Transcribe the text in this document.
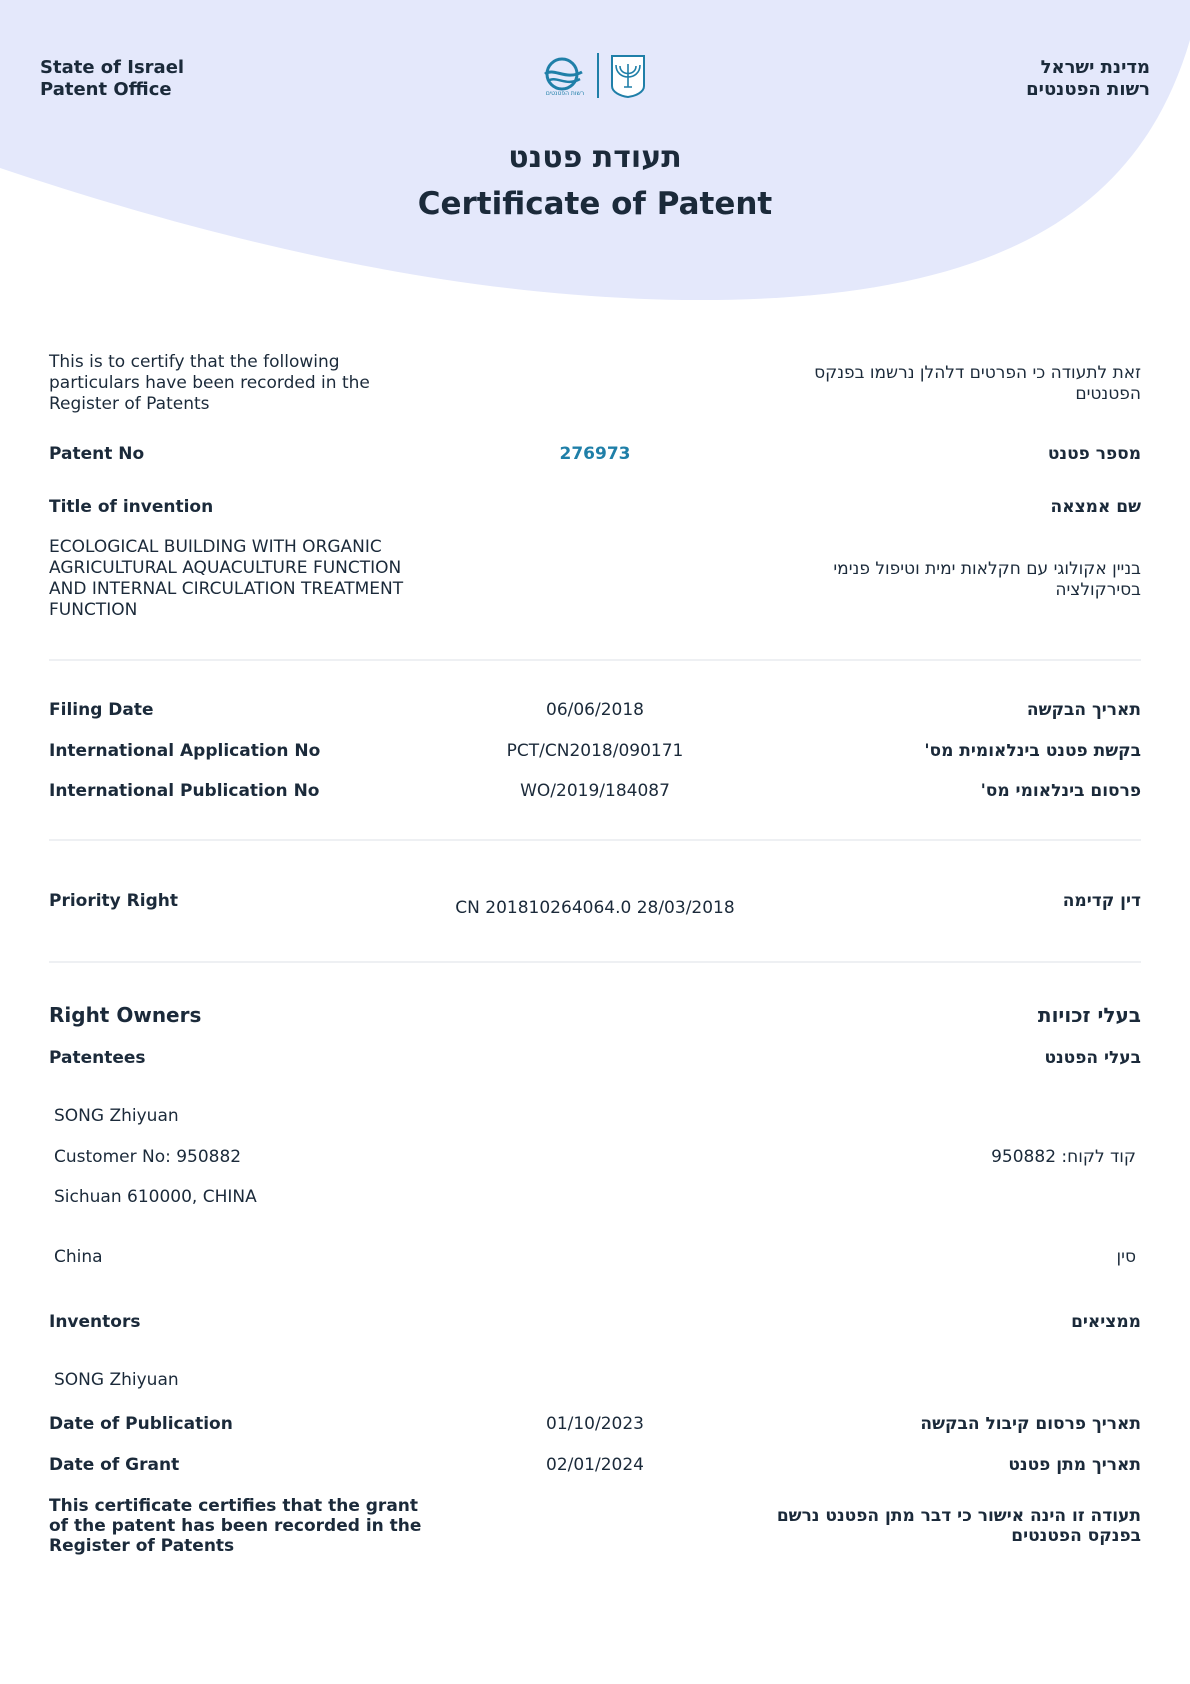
State of Israel
Patent Office
מדינת ישראל
רשות הפטנטים
רשות הפטנטים
תעודת פטנט
Certificate of Patent
This is to certify that the following particulars have been recorded in the Register of Patents
זאת לתעודה כי הפרטים דלהלן נרשמו בפנקס הפטנטים
Patent No	276973	מספר פטנט
Title of invention	שם אמצאה
ECOLOGICAL BUILDING WITH ORGANIC AGRICULTURAL AQUACULTURE FUNCTION AND INTERNAL CIRCULATION TREATMENT FUNCTION
בניין אקולוגי עם חקלאות ימית וטיפול פנימי בסירקולציה
Filing Date	06/06/2018	תאריך הבקשה
International Application No	PCT/CN2018/090171	בקשת פטנט בינלאומית מס'
International Publication No	WO/2019/184087	פרסום בינלאומי מס'
Priority Right	CN 201810264064.0 28/03/2018	דין קדימה
Right Owners	בעלי זכויות
Patentees	בעלי הפטנט
SONG Zhiyuan
Customer No: 950882	קוד לקוח: 950882
Sichuan 610000, CHINA
China	סין
Inventors	ממציאים
SONG Zhiyuan
Date of Publication	01/10/2023	תאריך פרסום קיבול הבקשה
Date of Grant	02/01/2024	תאריך מתן פטנט
This certificate certifies that the grant of the patent has been recorded in the Register of Patents
תעודה זו הינה אישור כי דבר מתן הפטנט נרשם בפנקס הפטנטים
